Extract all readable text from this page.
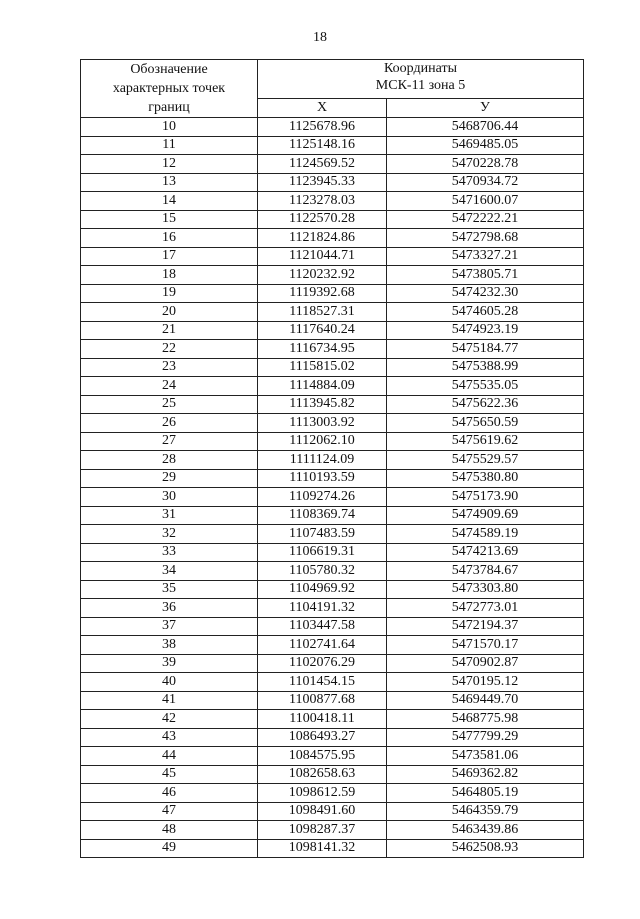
18
Обозначение
характерных точек
границ	Координаты
МСК-11 зона 5	

	X	У
10	1125678.96	5468706.44
11	1125148.16	5469485.05
12	1124569.52	5470228.78
13	1123945.33	5470934.72
14	1123278.03	5471600.07
15	1122570.28	5472222.21
16	1121824.86	5472798.68
17	1121044.71	5473327.21
18	1120232.92	5473805.71
19	1119392.68	5474232.30
20	1118527.31	5474605.28
21	1117640.24	5474923.19
22	1116734.95	5475184.77
23	1115815.02	5475388.99
24	1114884.09	5475535.05
25	1113945.82	5475622.36
26	1113003.92	5475650.59
27	1112062.10	5475619.62
28	1111124.09	5475529.57
29	1110193.59	5475380.80
30	1109274.26	5475173.90
31	1108369.74	5474909.69
32	1107483.59	5474589.19
33	1106619.31	5474213.69
34	1105780.32	5473784.67
35	1104969.92	5473303.80
36	1104191.32	5472773.01
37	1103447.58	5472194.37
38	1102741.64	5471570.17
39	1102076.29	5470902.87
40	1101454.15	5470195.12
41	1100877.68	5469449.70
42	1100418.11	5468775.98
43	1086493.27	5477799.29
44	1084575.95	5473581.06
45	1082658.63	5469362.82
46	1098612.59	5464805.19
47	1098491.60	5464359.79
48	1098287.37	5463439.86
49	1098141.32	5462508.93
